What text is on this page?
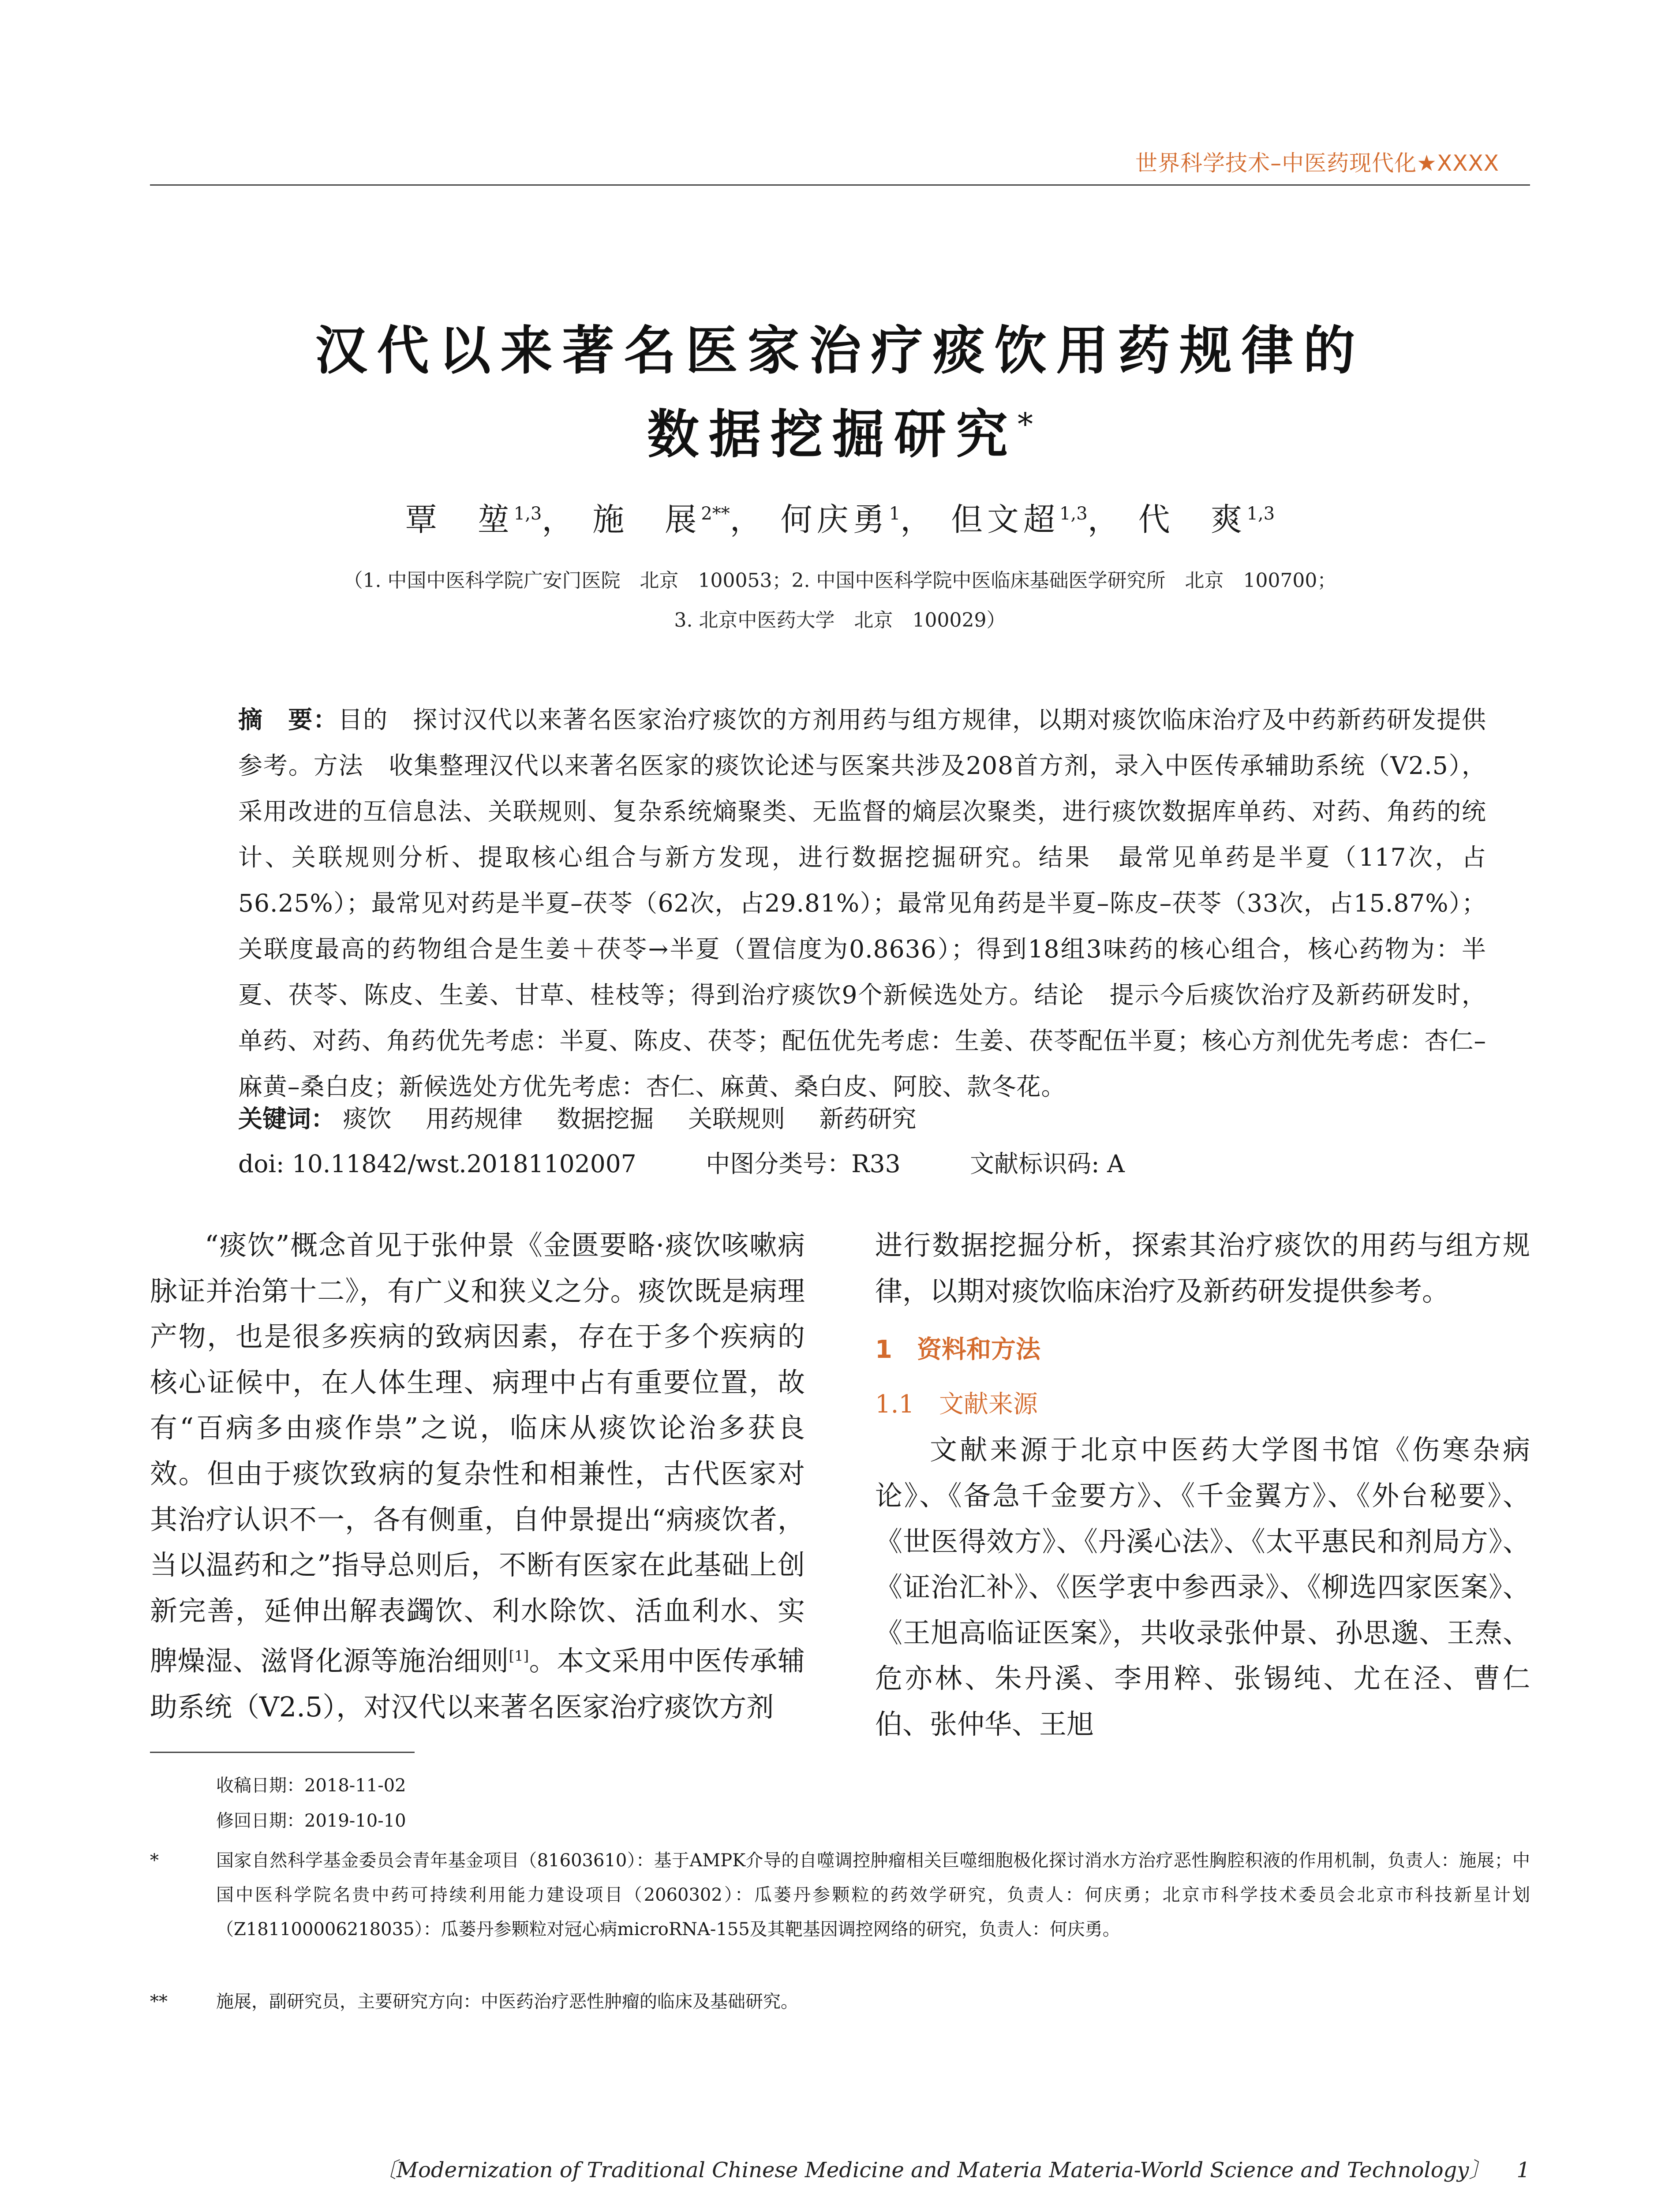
世界科学技术–中医药现代化★XXXX
汉代以来著名医家治疗痰饮用药规律的
数据挖掘研究*
覃　堃$^{1,3}$， 施　展$^{2**}$， 何庆勇$^1$， 但文超$^{1,3}$， 代　爽$^{1,3}$
（1. 中国中医科学院广安门医院　北京　100053；2. 中国中医科学院中医临床基础医学研究所　北京　100700；
3. 北京中医药大学　北京　100029）
摘　要：目的　探讨汉代以来著名医家治疗痰饮的方剂用药与组方规律，以期对痰饮临床治疗及中药新药研发提供参考。方法　收集整理汉代以来著名医家的痰饮论述与医案共涉及208首方剂，录入中医传承辅助系统（V2.5），采用改进的互信息法、关联规则、复杂系统熵聚类、无监督的熵层次聚类，进行痰饮数据库单药、对药、角药的统计、关联规则分析、提取核心组合与新方发现，进行数据挖掘研究。结果　最常见单药是半夏（117次，占56.25%）；最常见对药是半夏–茯苓（62次，占29.81%）；最常见角药是半夏–陈皮–茯苓（33次，占15.87%）；关联度最高的药物组合是生姜＋茯苓→半夏（置信度为0.8636）；得到18组3味药的核心组合，核心药物为：半夏、茯苓、陈皮、生姜、甘草、桂枝等；得到治疗痰饮9个新候选处方。结论　提示今后痰饮治疗及新药研发时，单药、对药、角药优先考虑：半夏、陈皮、茯苓；配伍优先考虑：生姜、茯苓配伍半夏；核心方剂优先考虑：杏仁–麻黄–桑白皮；新候选处方优先考虑：杏仁、麻黄、桑白皮、阿胶、款冬花。
关键词： 痰饮 用药规律 数据挖掘 关联规则 新药研究
doi: 10.11842/wst.20181102007	中图分类号：R33	文献标识码: A

“痰饮”概念首见于张仲景《金匮要略·痰饮咳嗽病脉证并治第十二》，有广义和狭义之分。痰饮既是病理产物，也是很多疾病的致病因素，存在于多个疾病的核心证候中，在人体生理、病理中占有重要位置，故有“百病多由痰作祟”之说，临床从痰饮论治多获良效。但由于痰饮致病的复杂性和相兼性，古代医家对其治疗认识不一，各有侧重，自仲景提出“病痰饮者，当以温药和之”指导总则后，不断有医家在此基础上创新完善，延伸出解表蠲饮、利水除饮、活血利水、实脾燥湿、滋肾化源等施治细则[1]。本文采用中医传承辅助系统（V2.5），对汉代以来著名医家治疗痰饮方剂

进行数据挖掘分析，探索其治疗痰饮的用药与组方规律，以期对痰饮临床治疗及新药研发提供参考。

1　资料和方法

1.1　文献来源

文献来源于北京中医药大学图书馆《伤寒杂病论》、《备急千金要方》、《千金翼方》、《外台秘要》、《世医得效方》、《丹溪心法》、《太平惠民和剂局方》、《证治汇补》、《医学衷中参西录》、《柳选四家医案》、《王旭高临证医案》，共收录张仲景、孙思邈、王焘、危亦林、朱丹溪、李用粹、张锡纯、尤在泾、曹仁伯、张仲华、王旭

收稿日期：2018-11-02
修回日期：2019-10-10
*	国家自然科学基金委员会青年基金项目（81603610）：基于AMPK介导的自噬调控肿瘤相关巨噬细胞极化探讨消水方治疗恶性胸腔积液的作用机制，负责人：施展；中国中医科学院名贵中药可持续利用能力建设项目（2060302）：瓜蒌丹参颗粒的药效学研究，负责人：何庆勇；北京市科学技术委员会北京市科技新星计划（Z181100006218035）：瓜蒌丹参颗粒对冠心病microRNA-155及其靶基因调控网络的研究，负责人：何庆勇。
**	施展，副研究员，主要研究方向：中医药治疗恶性肿瘤的临床及基础研究。
〔Modernization of Traditional Chinese Medicine and Materia Materia-World Science and Technology〕 1
